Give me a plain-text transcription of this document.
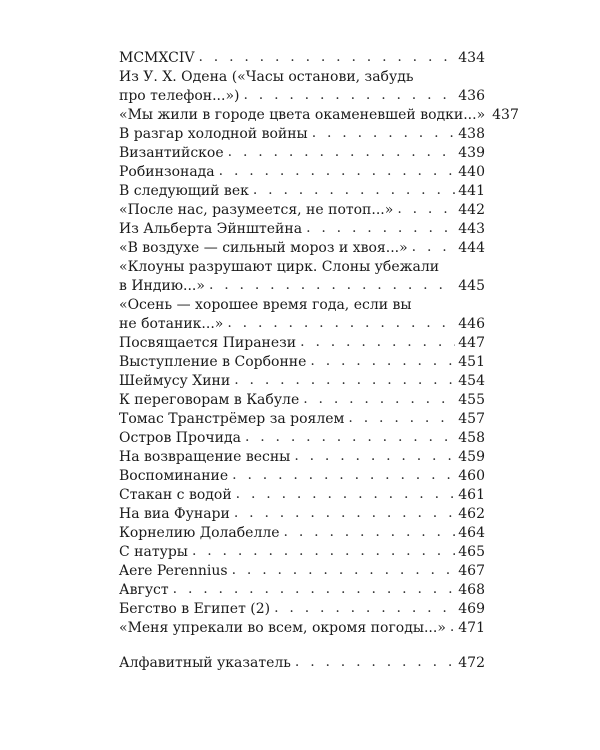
MCMXCIV . . .	434
Из У. Х. Одена («Часы останови, забудь
про телефон...») . . .	436
«Мы жили в городе цвета окаменевшей водки...» 437
В разгар холодной войны . . .	438
Византийское . . .	439
Робинзонада . . .	440
В следующий век . . .	441
«После нас, разумеется, не потоп...» . . .	442
Из Альберта Эйнштейна . . .	443
«В воздухе — сильный мороз и хвоя...» . . .	444
«Клоуны разрушают цирк. Слоны убежали
в Индию...» . . .	445
«Осень — хорошее время года, если вы
не ботаник...» . . .	446
Посвящается Пиранези . . .	447
Выступление в Сорбонне . . .	451
Шеймусу Хини . . .	454
К переговорам в Кабуле . . .	455
Томас Транстрёмер за роялем . . .	457
Остров Прочида . . .	458
На возвращение весны . . .	459
Воспоминание . . .	460
Стакан с водой . . .	461
На виа Фунари . . .	462
Корнелию Долабелле . . .	464
С натуры . . .	465
Aere Perennius . . .	467
Август . . .	468
Бегство в Египет (2) . . .	469
«Меня упрекали во всем, окромя погоды...» . . . 471
Алфавитный указатель . . .	472
